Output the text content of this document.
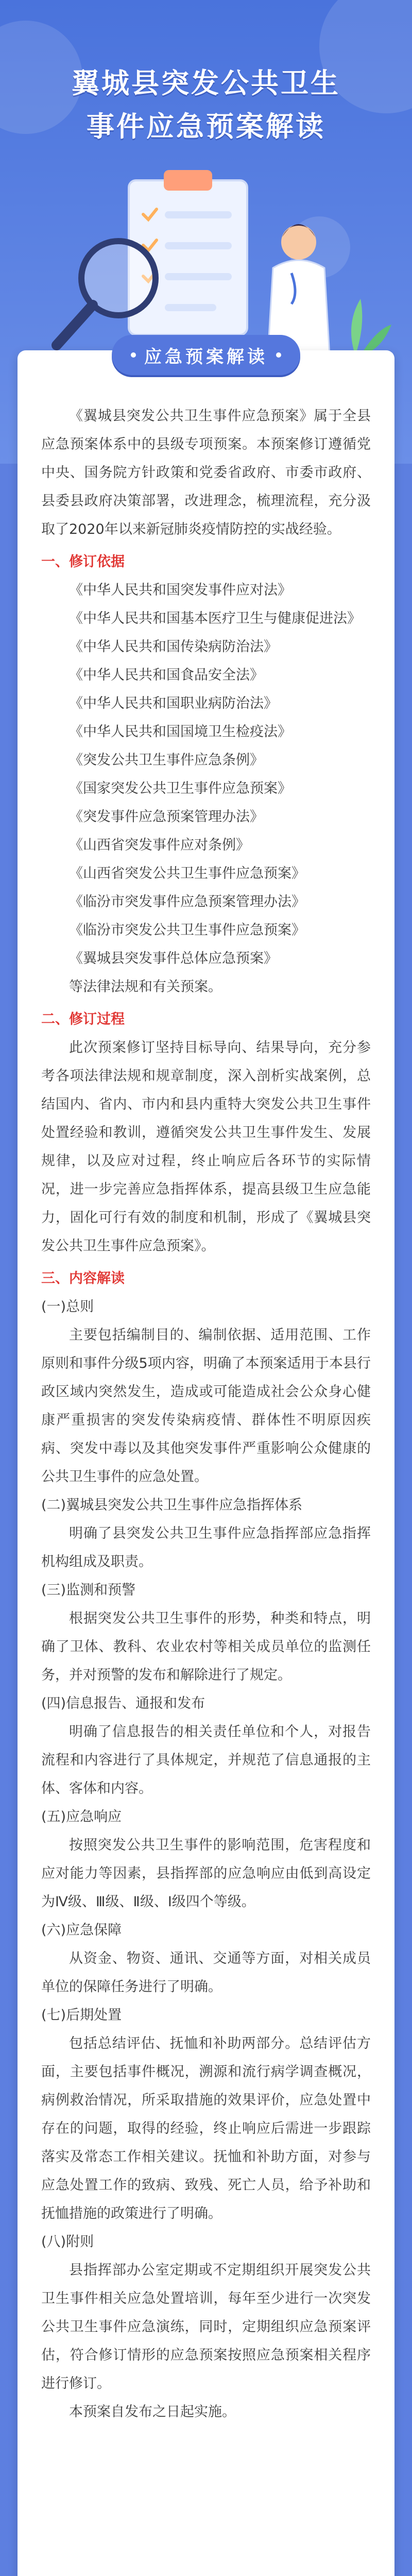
翼城县突发公共卫生
事件应急预案解读
应急预案解读

《翼城县突发公共卫生事件应急预案》属于全县应急预案体系中的县级专项预案。本预案修订遵循党中央、国务院方针政策和党委省政府、市委市政府、县委县政府决策部署，改进理念，梳理流程，充分汲取了2020年以来新冠肺炎疫情防控的实战经验。

一、修订依据

《中华人民共和国突发事件应对法》

《中华人民共和国基本医疗卫生与健康促进法》

《中华人民共和国传染病防治法》

《中华人民共和国食品安全法》

《中华人民共和国职业病防治法》

《中华人民共和国国境卫生检疫法》

《突发公共卫生事件应急条例》

《国家突发公共卫生事件应急预案》

《突发事件应急预案管理办法》

《山西省突发事件应对条例》

《山西省突发公共卫生事件应急预案》

《临汾市突发事件应急预案管理办法》

《临汾市突发公共卫生事件应急预案》

《翼城县突发事件总体应急预案》

等法律法规和有关预案。

二、修订过程

此次预案修订坚持目标导向、结果导向，充分参考各项法律法规和规章制度，深入剖析实战案例，总结国内、省内、市内和县内重特大突发公共卫生事件处置经验和教训，遵循突发公共卫生事件发生、发展规律，以及应对过程，终止响应后各环节的实际情况，进一步完善应急指挥体系，提高县级卫生应急能力，固化可行有效的制度和机制，形成了《翼城县突发公共卫生事件应急预案》。

三、内容解读

(一)总则

主要包括编制目的、编制依据、适用范围、工作原则和事件分级5项内容，明确了本预案适用于本县行政区域内突然发生，造成或可能造成社会公众身心健康严重损害的突发传染病疫情、群体性不明原因疾病、突发中毒以及其他突发事件严重影响公众健康的公共卫生事件的应急处置。

(二)翼城县突发公共卫生事件应急指挥体系

明确了县突发公共卫生事件应急指挥部应急指挥机构组成及职责。

(三)监测和预警

根据突发公共卫生事件的形势，种类和特点，明确了卫体、教科、农业农村等相关成员单位的监测任务，并对预警的发布和解除进行了规定。

(四)信息报告、通报和发布

明确了信息报告的相关责任单位和个人，对报告流程和内容进行了具体规定，并规范了信息通报的主体、客体和内容。

(五)应急响应

按照突发公共卫生事件的影响范围，危害程度和应对能力等因素，县指挥部的应急响应由低到高设定为Ⅳ级、Ⅲ级、Ⅱ级、Ⅰ级四个等级。

(六)应急保障

从资金、物资、通讯、交通等方面，对相关成员单位的保障任务进行了明确。

(七)后期处置

包括总结评估、抚恤和补助两部分。总结评估方面，主要包括事件概况，溯源和流行病学调查概况，病例救治情况，所采取措施的效果评价，应急处置中存在的问题，取得的经验，终止响应后需进一步跟踪落实及常态工作相关建议。抚恤和补助方面，对参与应急处置工作的致病、致残、死亡人员，给予补助和抚恤措施的政策进行了明确。

(八)附则

县指挥部办公室定期或不定期组织开展突发公共卫生事件相关应急处置培训，每年至少进行一次突发公共卫生事件应急演练，同时，定期组织应急预案评估，符合修订情形的应急预案按照应急预案相关程序进行修订。

本预案自发布之日起实施。
